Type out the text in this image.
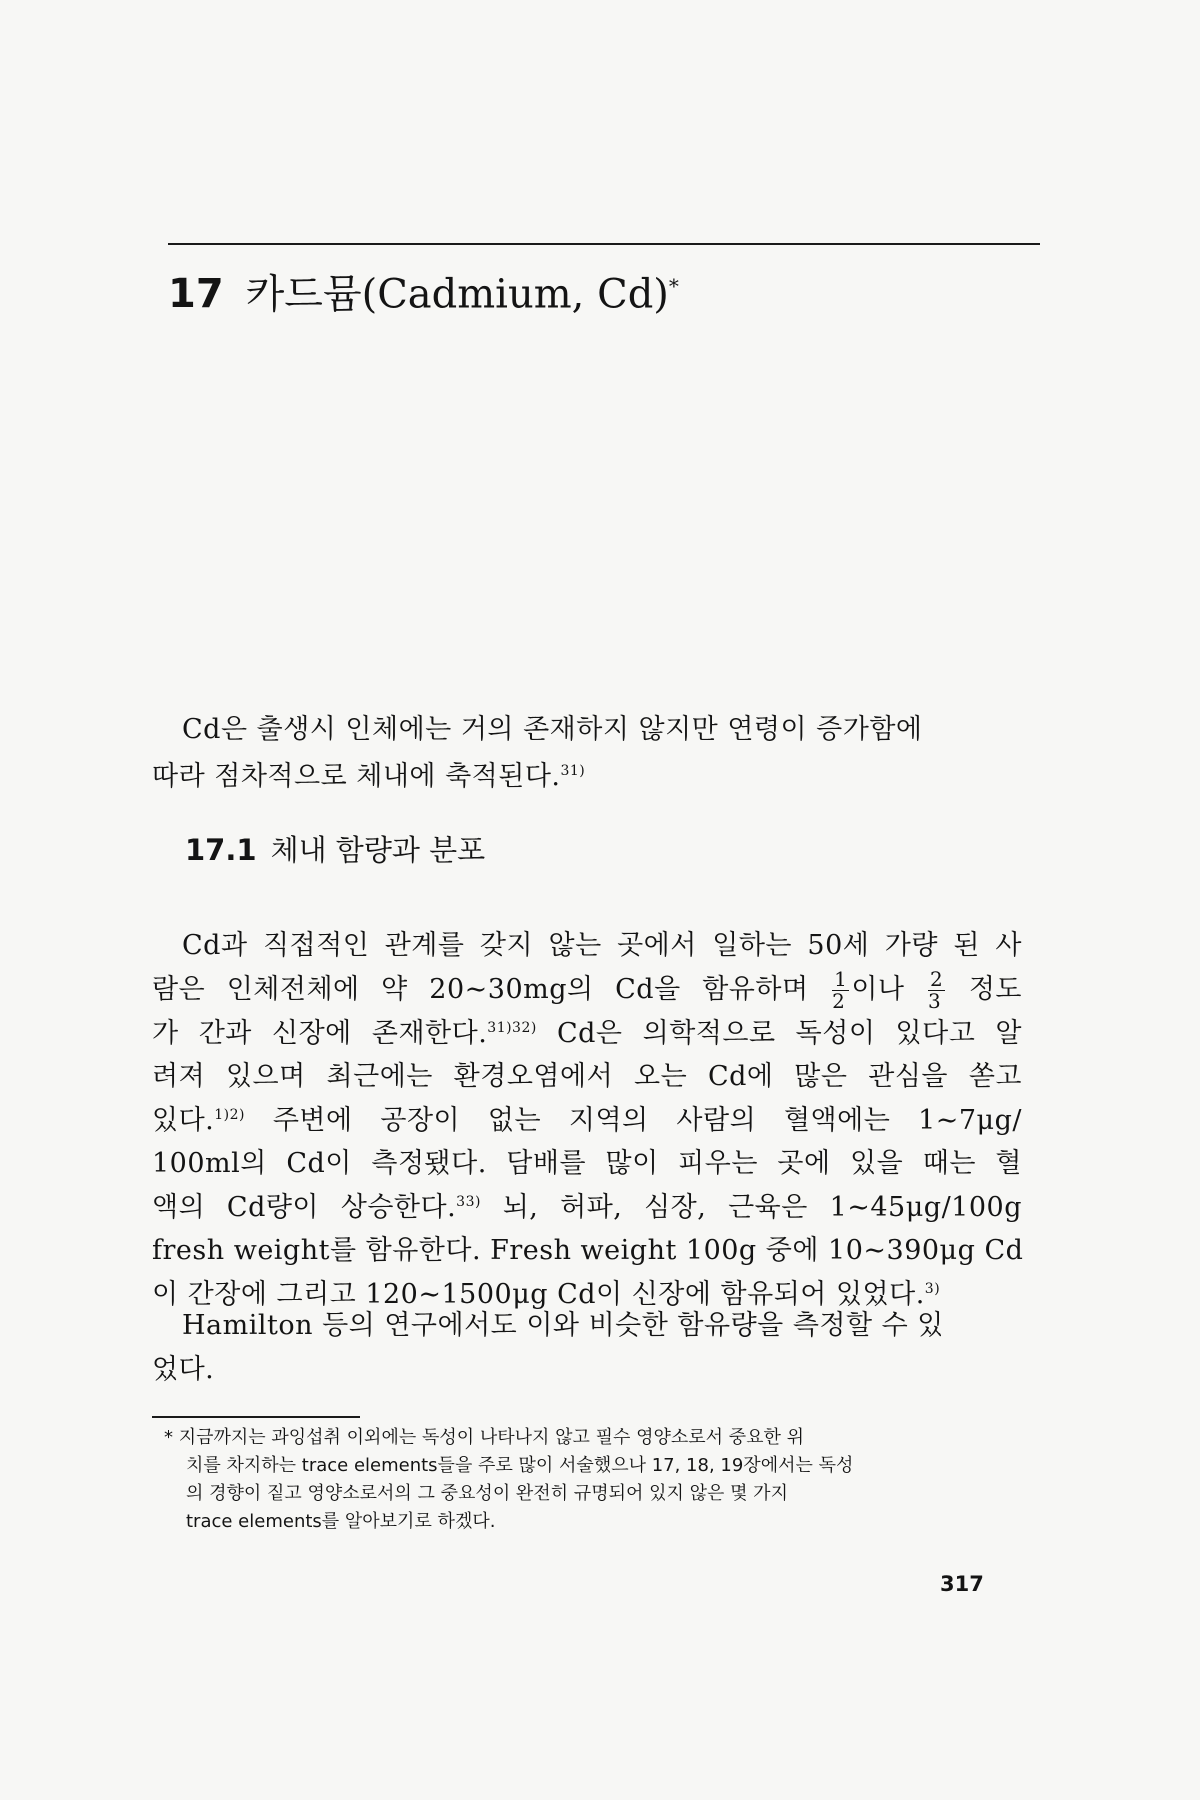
17 카드뮴(Cadmium, Cd)*
Cd은 출생시 인체에는 거의 존재하지 않지만 연령이 증가함에
따라 점차적으로 체내에 축적된다.$^{31)}$
17.1 체내 함량과 분포
Cd과 직접적인 관계를 갖지 않는 곳에서 일하는 50세 가량 된 사
람은 인체전체에 약 20∼30mg의 Cd을 함유하며 $\frac{1}{2}$ 이나 $\frac{2}{3}$ 정도
가 간과 신장에 존재한다.$^{31)32)}$ Cd은 의학적으로 독성이 있다고 알
려져 있으며 최근에는 환경오염에서 오는 Cd에 많은 관심을 쏟고
있다.$^{1)2)}$ 주변에 공장이 없는 지역의 사람의 혈액에는 1∼7μg/
100ml의 Cd이 측정됐다. 담배를 많이 피우는 곳에 있을 때는 혈
액의 Cd량이 상승한다.$^{33)}$ 뇌, 허파, 심장, 근육은 1∼45μg/100g
fresh weight를 함유한다. Fresh weight 100g 중에 10∼390μg Cd
이 간장에 그리고 120∼1500μg Cd이 신장에 함유되어 있었다.$^{3)}$
Hamilton 등의 연구에서도 이와 비슷한 함유량을 측정할 수 있
었다.
* 지금까지는 과잉섭취 이외에는 독성이 나타나지 않고 필수 영양소로서 중요한 위
치를 차지하는 trace elements들을 주로 많이 서술했으나 17, 18, 19장에서는 독성
의 경향이 짙고 영양소로서의 그 중요성이 완전히 규명되어 있지 않은 몇 가지
trace elements를 알아보기로 하겠다.
317
